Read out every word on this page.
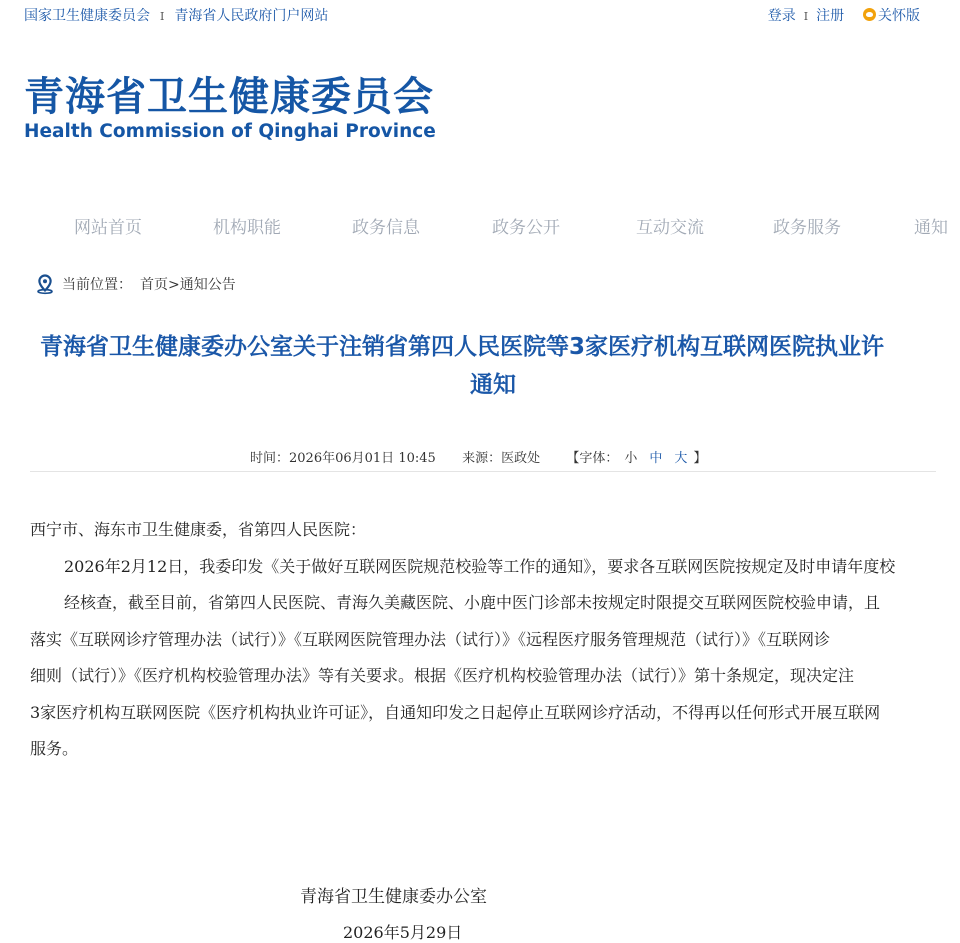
国家卫生健康委员会 I 青海省人民政府门户网站	登录 I 注册 关怀版
青海省卫生健康委员会
Health Commission of Qinghai Province
网站首页	机构职能	政务信息	政务公开	互动交流	政务服务	通知
当前位置： 首页>通知公告
青海省卫生健康委办公室关于注销省第四人民医院等3家医疗机构互联网医院执业许
通知
时间：2026年06月01日 10:45 来源：医政处 【字体： 小 中 大 】

西宁市、海东市卫生健康委，省第四人民医院：

2026年2月12日，我委印发《关于做好互联网医院规范校验等工作的通知》，要求各互联网医院按规定及时申请年度校

经核查，截至目前，省第四人民医院、青海久美藏医院、小鹿中医门诊部未按规定时限提交互联网医院校验申请，且

落实《互联网诊疗管理办法（试行）》《互联网医院管理办法（试行）》《远程医疗服务管理规范（试行）》《互联网诊

细则（试行）》《医疗机构校验管理办法》等有关要求。根据《医疗机构校验管理办法（试行）》第十条规定，现决定注

3家医疗机构互联网医院《医疗机构执业许可证》，自通知印发之日起停止互联网诊疗活动，不得再以任何形式开展互联网

服务。

青海省卫生健康委办公室
2026年5月29日
